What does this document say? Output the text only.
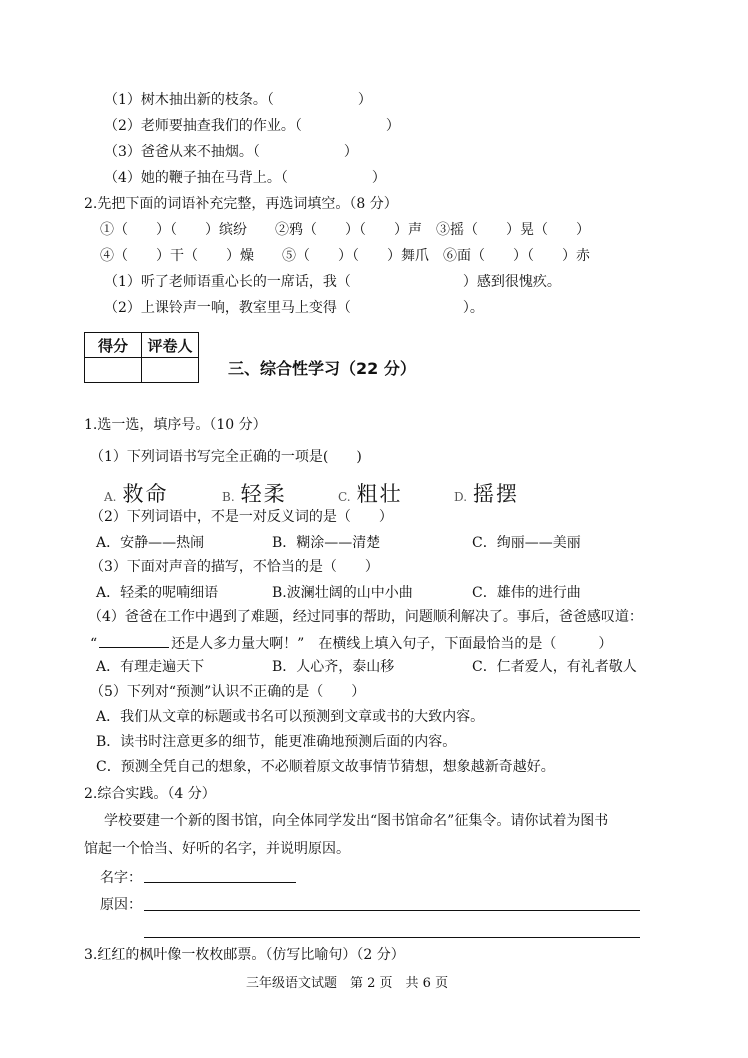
（1）树木抽出新的枝条。（　　　　　　）
（2）老师要抽查我们的作业。（　　　　　　）
（3）爸爸从来不抽烟。（　　　　　　）
（4）她的鞭子抽在马背上。（　　　　　　）
2.先把下面的词语补充完整，再选词填空。（8 分）
①（　　）（　　）缤纷　　②鸦（　　）（　　）声　③摇（　　）晃（　　）
④（　　）干（　　）燥　　⑤（　　）（　　）舞爪　⑥面（　　）（　　）赤
（1）听了老师语重心长的一席话，我（　　　　　　　　）感到很愧疚。
（2）上课铃声一响，教室里马上变得（　　　　　　　　）。
得分	评卷人

三、综合性学习（22 分）
1.选一选，填序号。（10 分）
（1）下列词语书写完全正确的一项是(　　)
A. 救命	B. 轻柔	C. 粗壮	D. 摇摆
（2）下列词语中，不是一对反义词的是（　　）
A．安静——热闹	B．糊涂——清楚	C．绚丽——美丽
（3）下面对声音的描写，不恰当的是（　　）
A．轻柔的呢喃细语	B.波澜壮阔的山中小曲	C．雄伟的进行曲
（4）爸爸在工作中遇到了难题，经过同事的帮助，问题顺利解决了。事后，爸爸感叹道：
“	还是人多力量大啊！”　在横线上填入句子，下面最恰当的是（　　　）
A．有理走遍天下	B．人心齐，泰山移	C．仁者爱人，有礼者敬人
（5）下列对“预测”认识不正确的是（　　）
A．我们从文章的标题或书名可以预测到文章或书的大致内容。
B．读书时注意更多的细节，能更准确地预测后面的内容。
C．预测全凭自己的想象，不必顺着原文故事情节猜想，想象越新奇越好。
2.综合实践。（4 分）
学校要建一个新的图书馆，向全体同学发出“图书馆命名”征集令。请你试着为图书
馆起一个恰当、好听的名字，并说明原因。
名字：
原因：
3.红红的枫叶像一枚枚邮票。（仿写比喻句）（2 分）
三年级语文试题　第 2 页　共 6 页
